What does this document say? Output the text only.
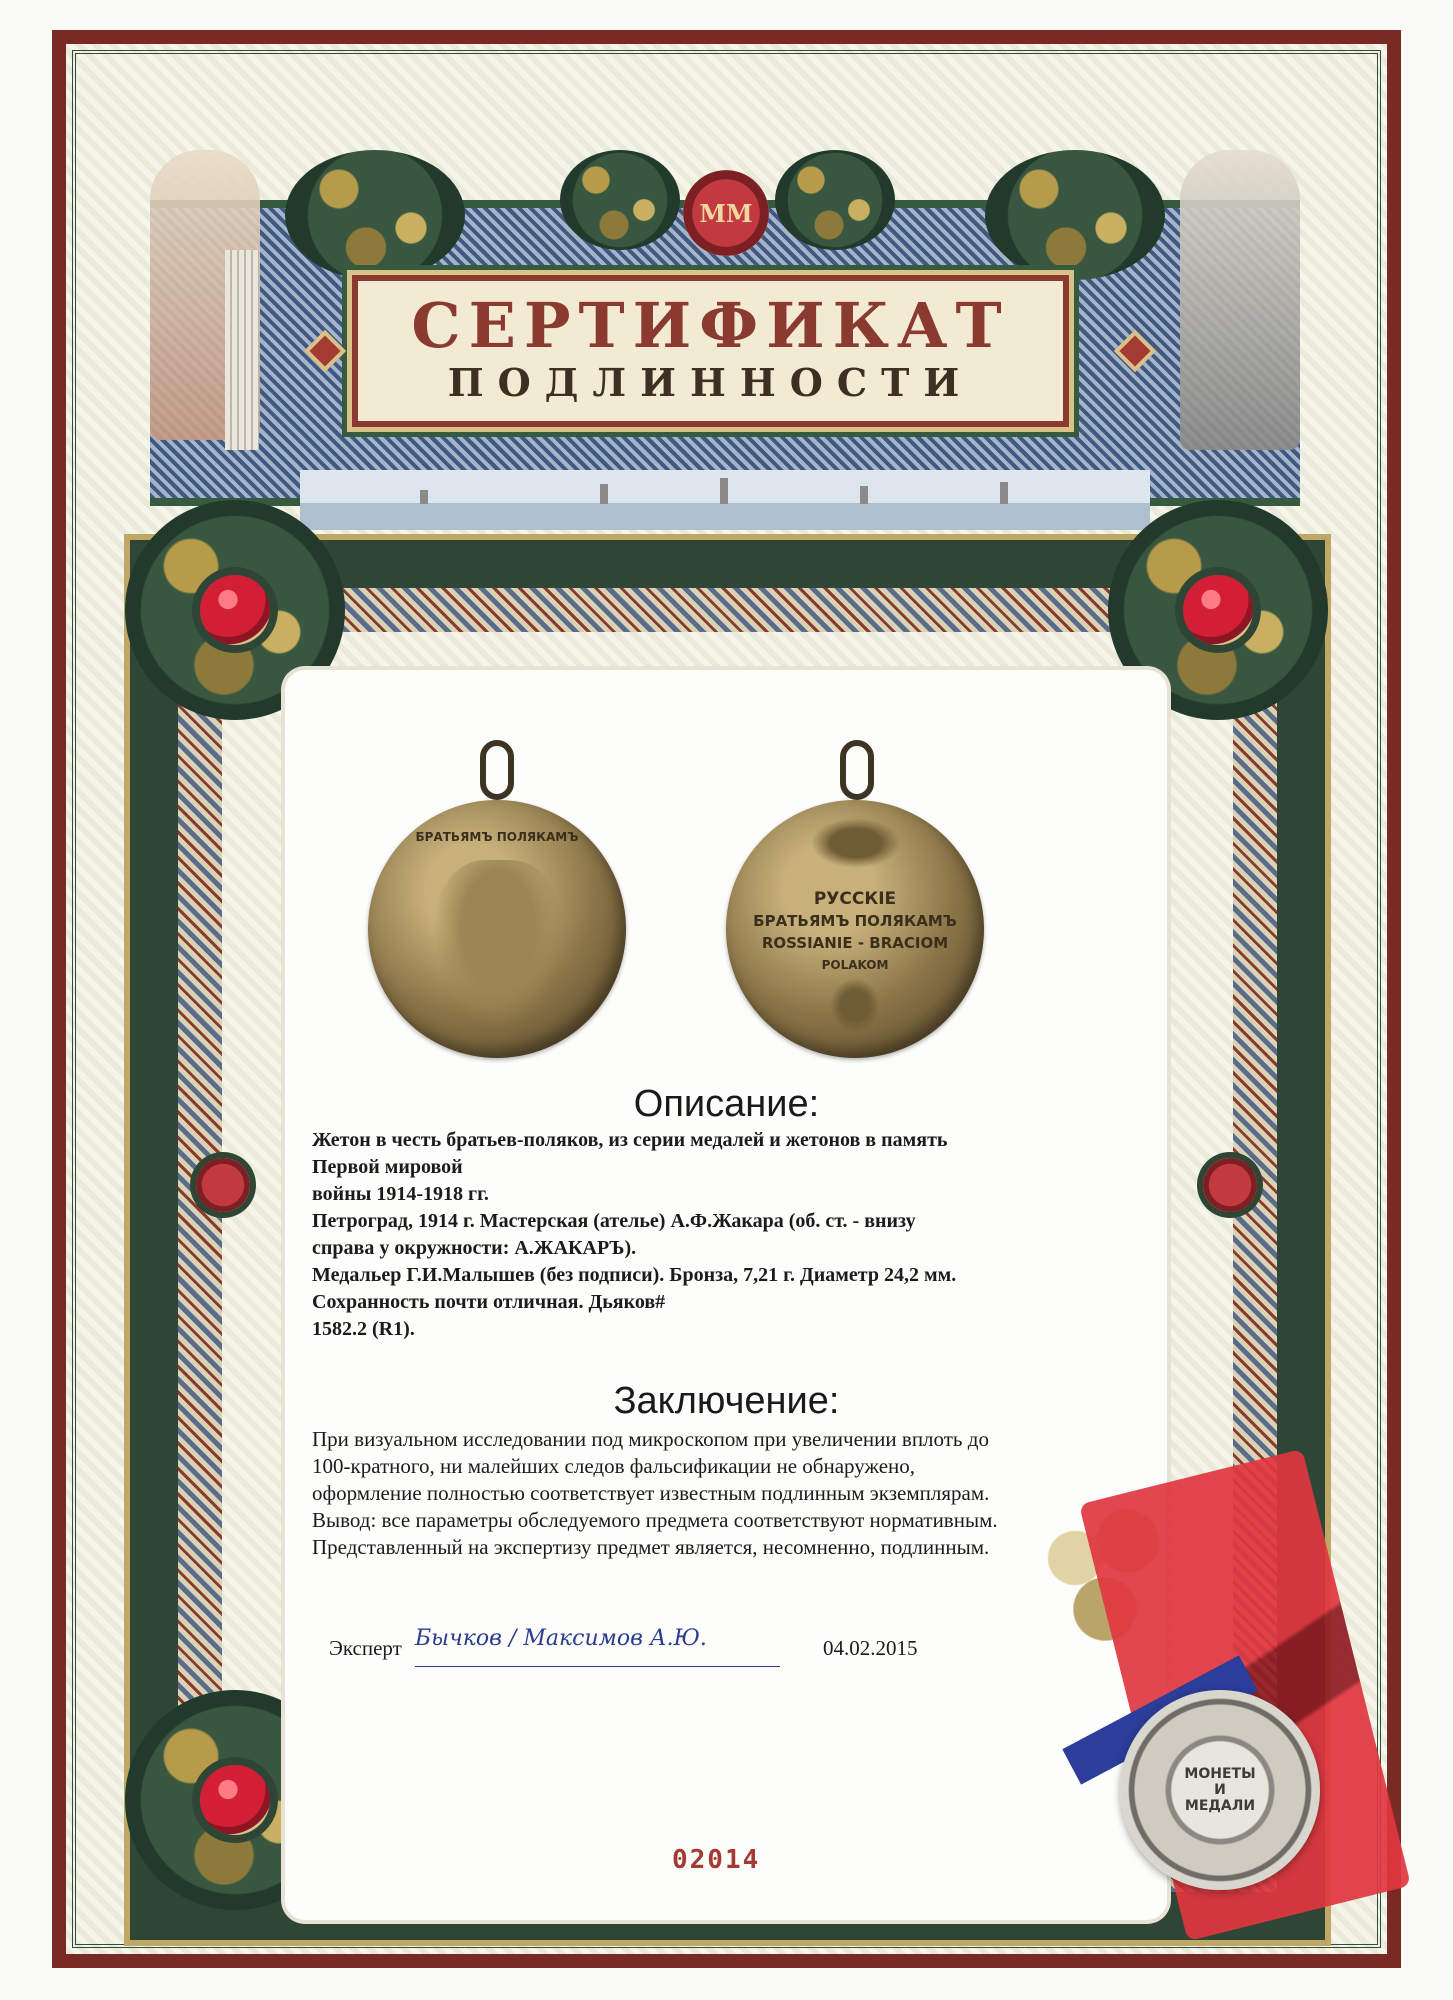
ММ
СЕРТИФИКАТ
ПОДЛИННОСТИ
БРАТЬЯМЪ ПОЛЯКАМЪ
РУССКІЕ
БРАТЬЯМЪ ПОЛЯКАМЪ
ROSSIANIE - BRACIOM
POLAKOM
Описание:
Жетон в честь братьев-поляков, из серии медалей и жетонов в память
Первой мировой
войны 1914-1918 гг.
Петроград, 1914 г. Мастерская (ателье) А.Ф.Жакара (об. ст. - внизу
справа у окружности: А.ЖАКАРЪ).
Медальер Г.И.Малышев (без подписи). Бронза, 7,21 г. Диаметр 24,2 мм.
Сохранность почти отличная. Дьяков#
1582.2 (R1).
Заключение:
При визуальном исследовании под микроскопом при увеличении вплоть до
100-кратного, ни малейших следов фальсификации не обнаружено,
оформление полностью соответствует известным подлинным экземплярам.
Вывод: все параметры обследуемого предмета соответствуют нормативным.
Представленный на экспертизу предмет является, несомненно, подлинным.
Эксперт Бычков / Максимов А.Ю.	04.02.2015
02014
МОНЕТЫ
И
МЕДАЛИ
